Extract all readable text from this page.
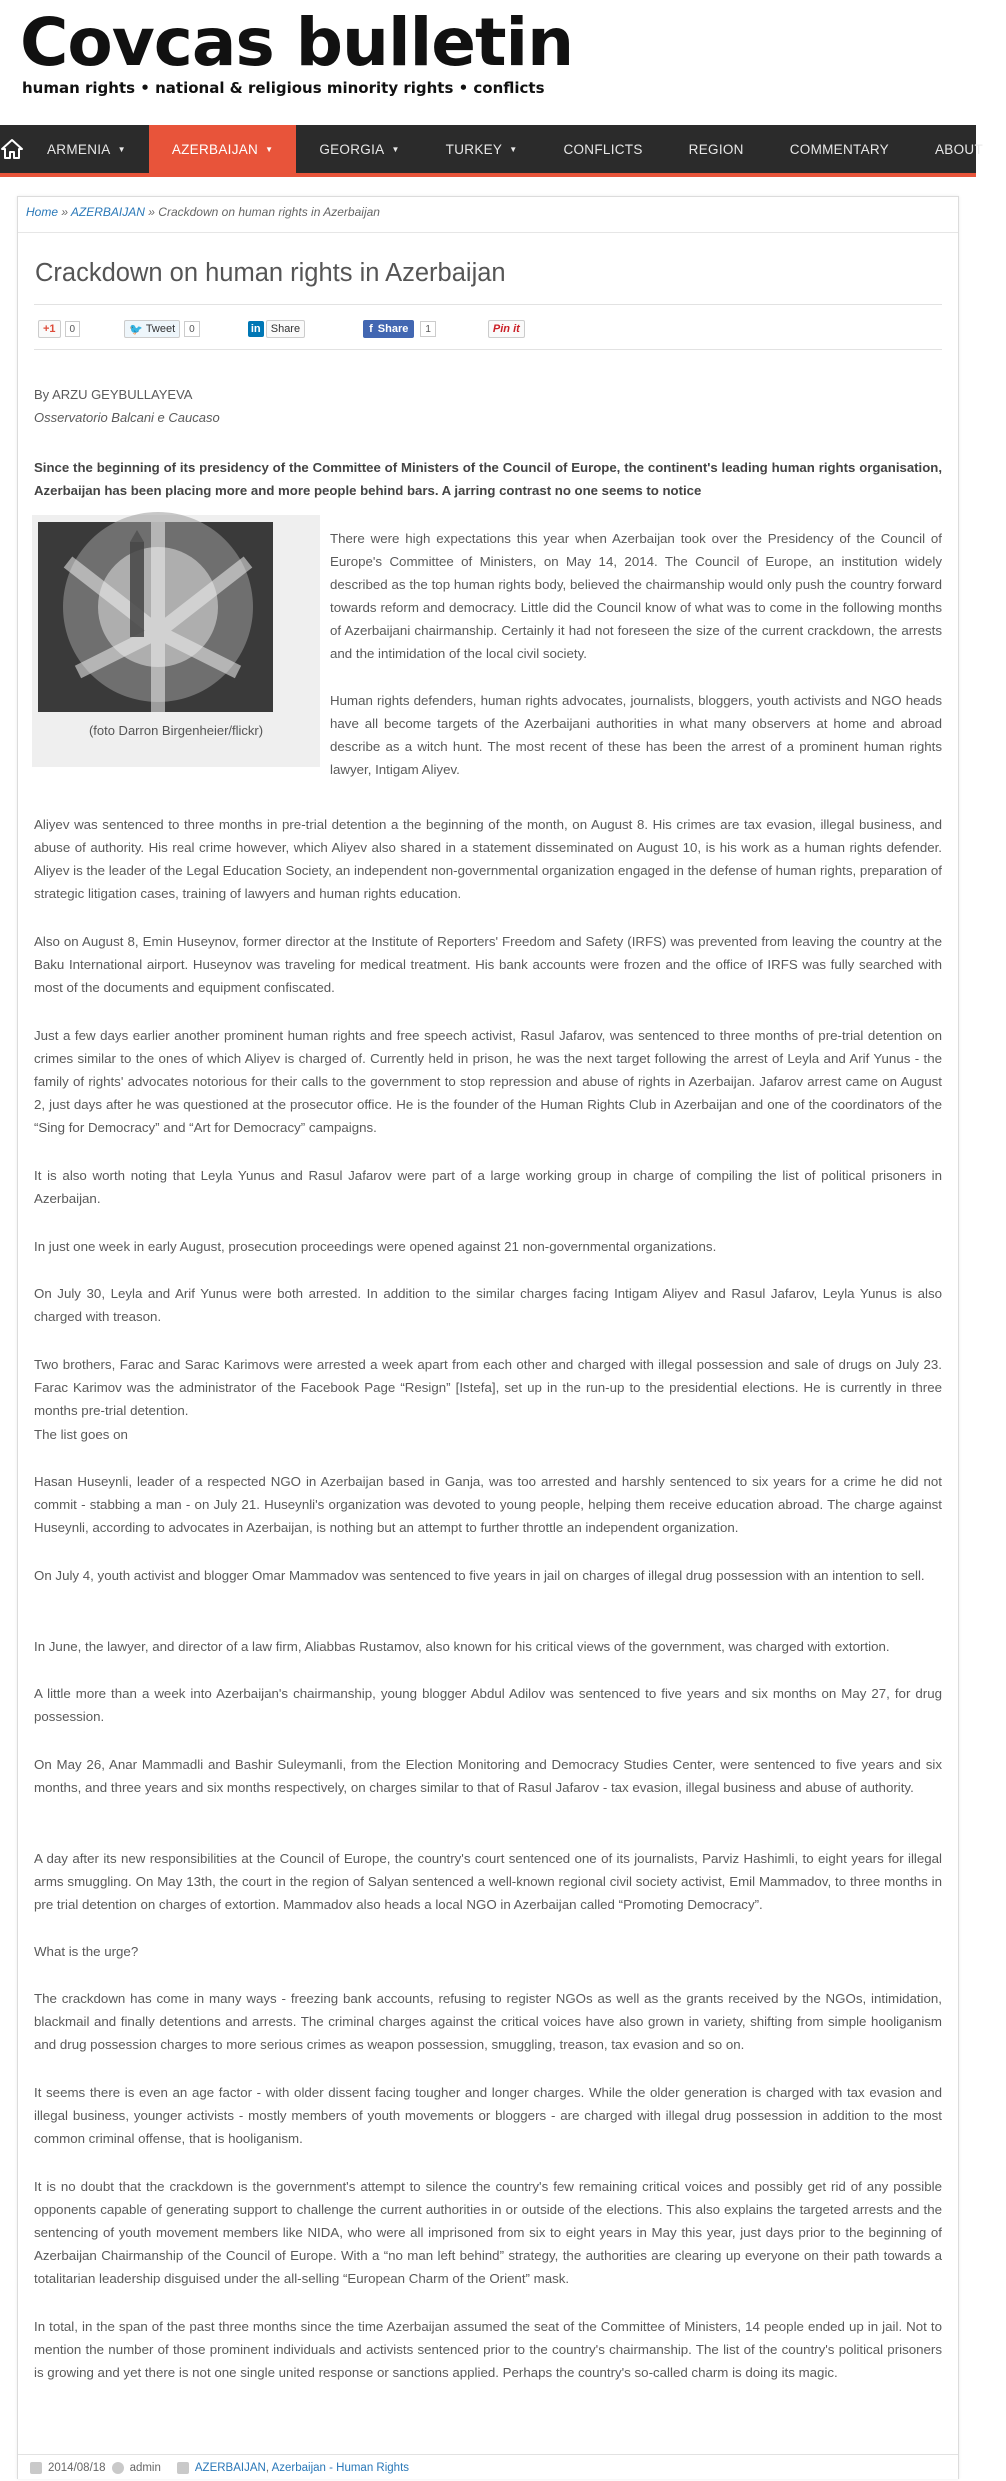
Covcas bulletin
human rights • national & religious minority rights • conflicts
ARMENIA ▼	AZERBAIJAN ▼	GEORGIA ▼	TURKEY ▼	CONFLICTS	REGION	COMMENTARY	ABOUT
Home » AZERBAIJAN » Crackdown on human rights in Azerbaijan
Crackdown on human rights in Azerbaijan
+1	0	🐦 Tweet	0	in Share	f Share	1	Pin it
By ARZU GEYBULLAYEVA
Osservatorio Balcani e Caucaso
Since the beginning of its presidency of the Committee of Ministers of the Council of Europe, the continent's leading human rights organisation, Azerbaijan has been placing more and more people behind bars. A jarring contrast no one seems to notice
(foto Darron Birgenheier/flickr)

There were high expectations this year when Azerbaijan took over the Presidency of the Council of Europe's Committee of Ministers, on May 14, 2014. The Council of Europe, an institution widely described as the top human rights body, believed the chairmanship would only push the country forward towards reform and democracy. Little did the Council know of what was to come in the following months of Azerbaijani chairmanship. Certainly it had not foreseen the size of the current crackdown, the arrests and the intimidation of the local civil society.

Human rights defenders, human rights advocates, journalists, bloggers, youth activists and NGO heads have all become targets of the Azerbaijani authorities in what many observers at home and abroad describe as a witch hunt. The most recent of these has been the arrest of a prominent human rights lawyer, Intigam Aliyev.

Aliyev was sentenced to three months in pre-trial detention a the beginning of the month, on August 8. His crimes are tax evasion, illegal business, and abuse of authority. His real crime however, which Aliyev also shared in a statement disseminated on August 10, is his work as a human rights defender. Aliyev is the leader of the Legal Education Society, an independent non-governmental organization engaged in the defense of human rights, preparation of strategic litigation cases, training of lawyers and human rights education.

Also on August 8, Emin Huseynov, former director at the Institute of Reporters' Freedom and Safety (IRFS) was prevented from leaving the country at the Baku International airport. Huseynov was traveling for medical treatment. His bank accounts were frozen and the office of IRFS was fully searched with most of the documents and equipment confiscated.

Just a few days earlier another prominent human rights and free speech activist, Rasul Jafarov, was sentenced to three months of pre-trial detention on crimes similar to the ones of which Aliyev is charged of. Currently held in prison, he was the next target following the arrest of Leyla and Arif Yunus - the family of rights' advocates notorious for their calls to the government to stop repression and abuse of rights in Azerbaijan. Jafarov arrest came on August 2, just days after he was questioned at the prosecutor office. He is the founder of the Human Rights Club in Azerbaijan and one of the coordinators of the “Sing for Democracy” and “Art for Democracy” campaigns.

It is also worth noting that Leyla Yunus and Rasul Jafarov were part of a large working group in charge of compiling the list of political prisoners in Azerbaijan.

In just one week in early August, prosecution proceedings were opened against 21 non-governmental organizations.

On July 30, Leyla and Arif Yunus were both arrested. In addition to the similar charges facing Intigam Aliyev and Rasul Jafarov, Leyla Yunus is also charged with treason.

Two brothers, Farac and Sarac Karimovs were arrested a week apart from each other and charged with illegal possession and sale of drugs on July 23. Farac Karimov was the administrator of the Facebook Page “Resign” [Istefa], set up in the run-up to the presidential elections. He is currently in three months pre-trial detention.

The list goes on

Hasan Huseynli, leader of a respected NGO in Azerbaijan based in Ganja, was too arrested and harshly sentenced to six years for a crime he did not commit - stabbing a man - on July 21. Huseynli's organization was devoted to young people, helping them receive education abroad. The charge against Huseynli, according to advocates in Azerbaijan, is nothing but an attempt to further throttle an independent organization.

On July 4, youth activist and blogger Omar Mammadov was sentenced to five years in jail on charges of illegal drug possession with an intention to sell.

In June, the lawyer, and director of a law firm, Aliabbas Rustamov, also known for his critical views of the government, was charged with extortion.

A little more than a week into Azerbaijan's chairmanship, young blogger Abdul Adilov was sentenced to five years and six months on May 27, for drug possession.

On May 26, Anar Mammadli and Bashir Suleymanli, from the Election Monitoring and Democracy Studies Center, were sentenced to five years and six months, and three years and six months respectively, on charges similar to that of Rasul Jafarov - tax evasion, illegal business and abuse of authority.

A day after its new responsibilities at the Council of Europe, the country's court sentenced one of its journalists, Parviz Hashimli, to eight years for illegal arms smuggling. On May 13th, the court in the region of Salyan sentenced a well-known regional civil society activist, Emil Mammadov, to three months in pre trial detention on charges of extortion. Mammadov also heads a local NGO in Azerbaijan called “Promoting Democracy”.

What is the urge?

The crackdown has come in many ways - freezing bank accounts, refusing to register NGOs as well as the grants received by the NGOs, intimidation, blackmail and finally detentions and arrests. The criminal charges against the critical voices have also grown in variety, shifting from simple hooliganism and drug possession charges to more serious crimes as weapon possession, smuggling, treason, tax evasion and so on.

It seems there is even an age factor - with older dissent facing tougher and longer charges. While the older generation is charged with tax evasion and illegal business, younger activists - mostly members of youth movements or bloggers - are charged with illegal drug possession in addition to the most common criminal offense, that is hooliganism.

It is no doubt that the crackdown is the government's attempt to silence the country's few remaining critical voices and possibly get rid of any possible opponents capable of generating support to challenge the current authorities in or outside of the elections. This also explains the targeted arrests and the sentencing of youth movement members like NIDA, who were all imprisoned from six to eight years in May this year, just days prior to the beginning of Azerbaijan Chairmanship of the Council of Europe. With a “no man left behind” strategy, the authorities are clearing up everyone on their path towards a totalitarian leadership disguised under the all-selling “European Charm of the Orient” mask.

In total, in the span of the past three months since the time Azerbaijan assumed the seat of the Committee of Ministers, 14 people ended up in jail. Not to mention the number of those prominent individuals and activists sentenced prior to the country's chairmanship. The list of the country's political prisoners is growing and yet there is not one single united response or sanctions applied. Perhaps the country's so-called charm is doing its magic.

2014/08/18 admin	AZERBAIJAN, Azerbaijan - Human Rights
